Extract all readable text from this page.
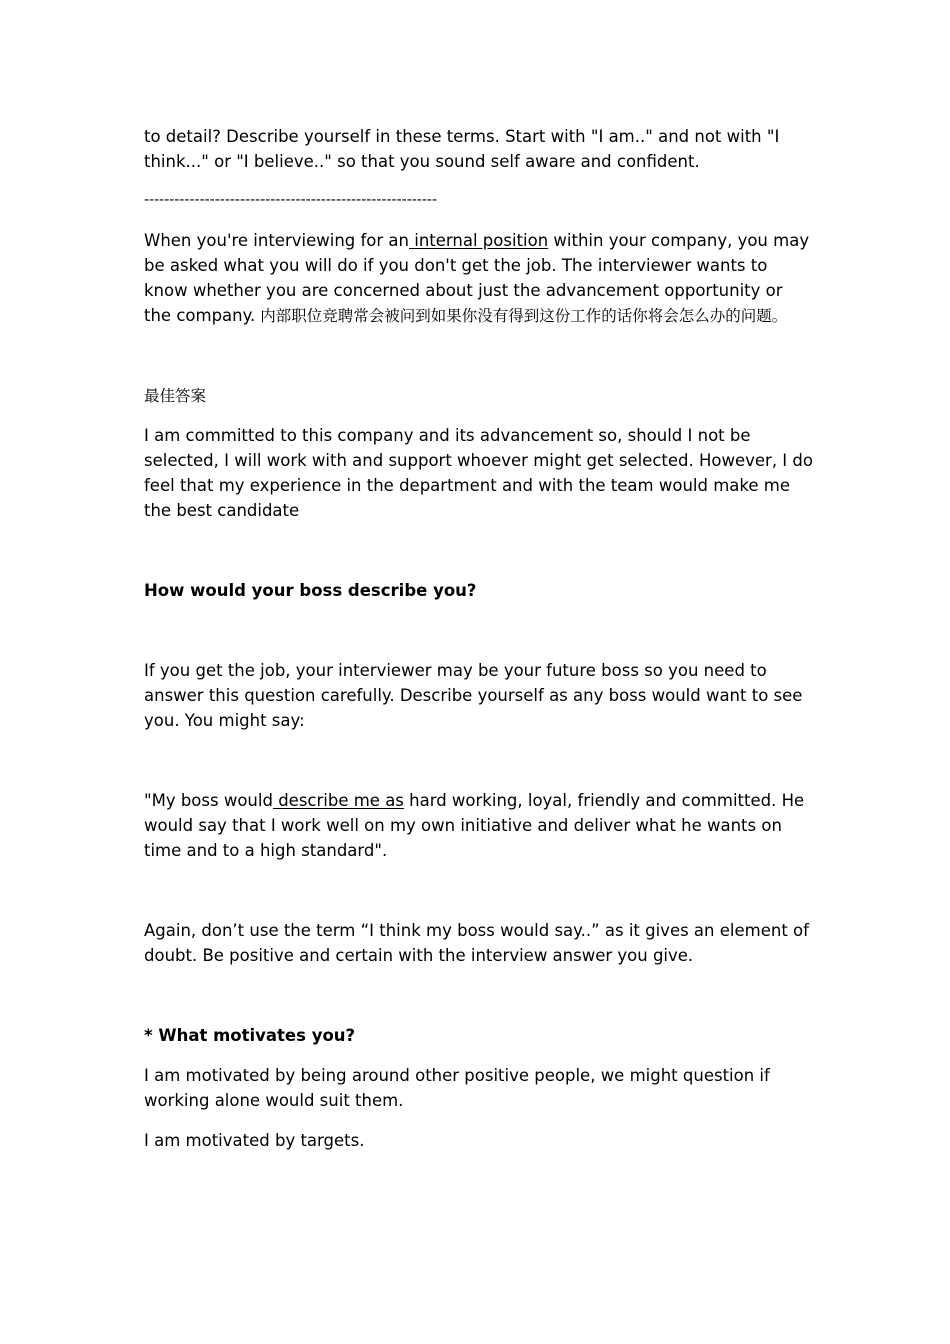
to detail? Describe yourself in these terms. Start with "I am.." and not with "I think..." or "I believe.." so that you sound self aware and confident.

----------------------------------------------------------

When you're interviewing for an internal position within your company, you may be asked what you will do if you don't get the job. The interviewer wants to know whether you are concerned about just the advancement opportunity or the company. 内部职位竞聘常会被问到如果你没有得到这份工作的话你将会怎么办的问题。

最佳答案

I am committed to this company and its advancement so, should I not be selected, I will work with and support whoever might get selected. However, I do feel that my experience in the department and with the team would make me the best candidate

How would your boss describe you?

If you get the job, your interviewer may be your future boss so you need to answer this question carefully. Describe yourself as any boss would want to see you. You might say:

"My boss would describe me as hard working, loyal, friendly and committed. He would say that I work well on my own initiative and deliver what he wants on time and to a high standard".

Again, don’t use the term “I think my boss would say..” as it gives an element of doubt. Be positive and certain with the interview answer you give.

* What motivates you?

I am motivated by being around other positive people, we might question if working alone would suit them.

I am motivated by targets.
